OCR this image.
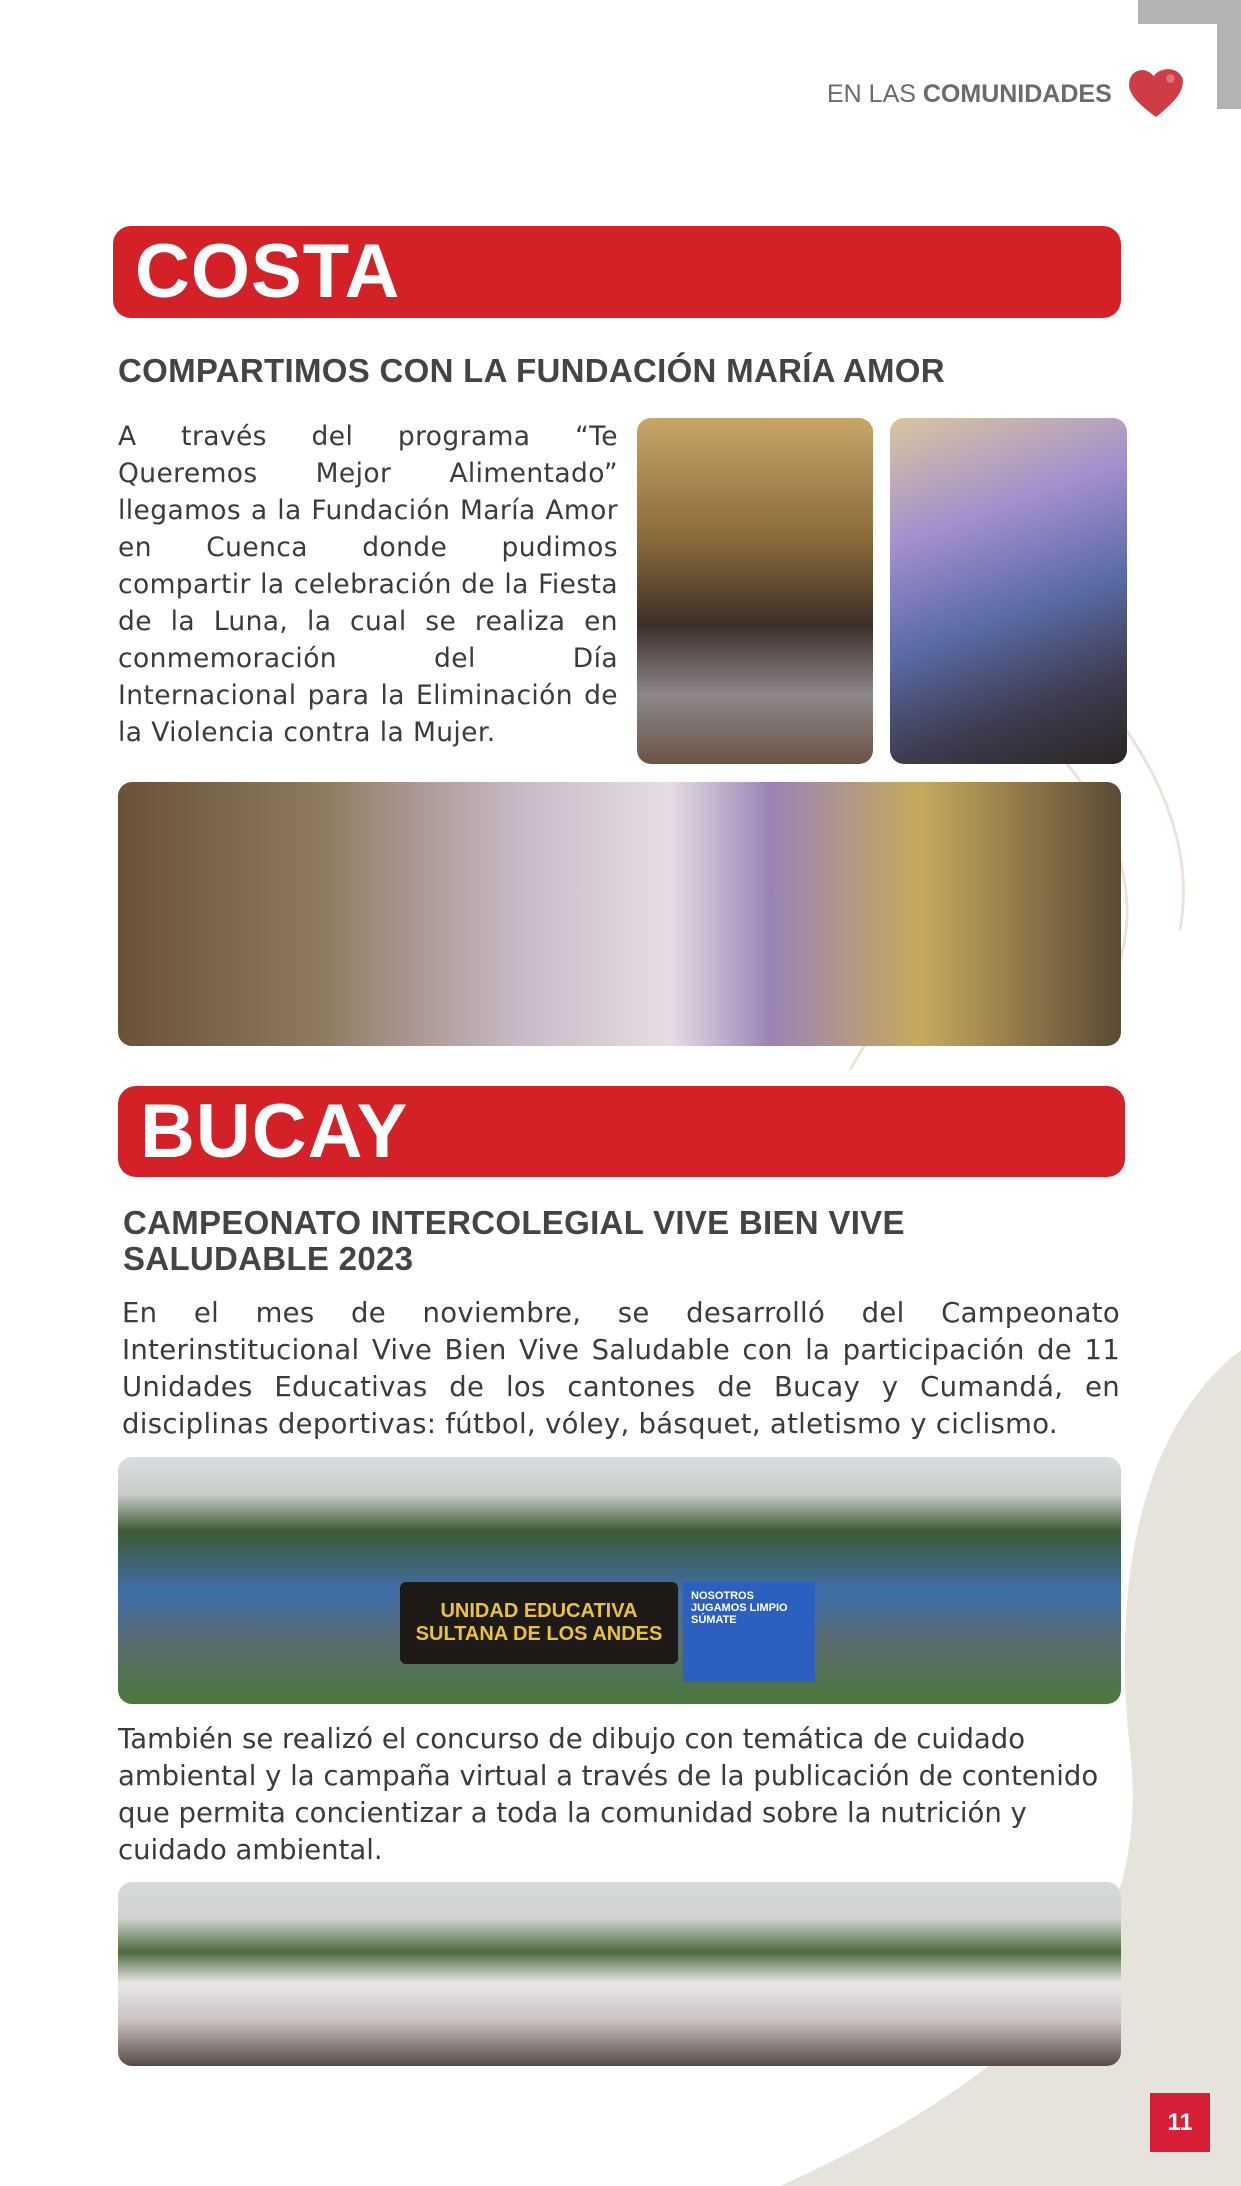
EN LAS COMUNIDADES
COSTA
COMPARTIMOS CON LA FUNDACIÓN MARÍA AMOR
A través del programa “Te Queremos Mejor Alimentado” llegamos a la Fundación María Amor en Cuenca donde pudimos compartir la celebración de la Fiesta de la Luna, la cual se realiza en conmemoración del Día Internacional para la Eliminación de la Violencia contra la Mujer.
BUCAY
CAMPEONATO INTERCOLEGIAL VIVE BIEN VIVE SALUDABLE 2023
En el mes de noviembre, se desarrolló del Campeonato Interinstitucional Vive Bien Vive Saludable con la participación de 11 Unidades Educativas de los cantones de Bucay y Cumandá, en disciplinas deportivas: fútbol, vóley, básquet, atletismo y ciclismo.
UNIDAD EDUCATIVA SULTANA DE LOS ANDES
NOSOTROS JUGAMOS LIMPIO SÚMATE
También se realizó el concurso de dibujo con temática de cuidado ambiental y la campaña virtual a través de la publicación de contenido que permita concientizar a toda la comunidad sobre la nutrición y cuidado ambiental.
11
